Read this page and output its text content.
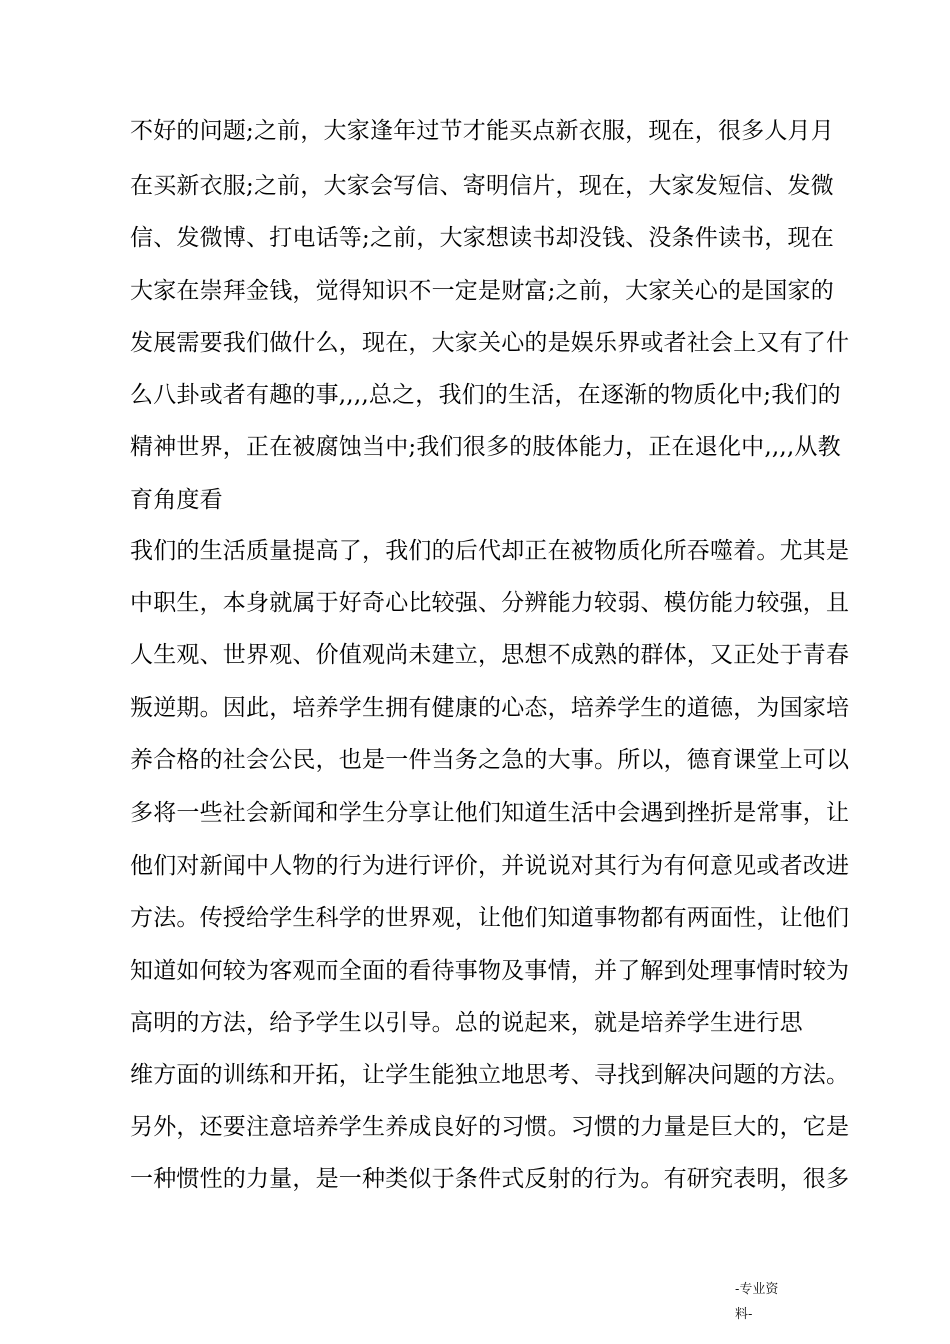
不好的问题;之前，大家逢年过节才能买点新衣服，现在，很多人月月
在买新衣服;之前，大家会写信、寄明信片，现在，大家发短信、发微
信、发微博、打电话等;之前，大家想读书却没钱、没条件读书，现在
大家在崇拜金钱，觉得知识不一定是财富;之前，大家关心的是国家的
发展需要我们做什么，现在，大家关心的是娱乐界或者社会上又有了什
么八卦或者有趣的事,,,,总之，我们的生活，在逐渐的物质化中;我们的
精神世界，正在被腐蚀当中;我们很多的肢体能力，正在退化中,,,,从教
育角度看
我们的生活质量提高了，我们的后代却正在被物质化所吞噬着。尤其是
中职生，本身就属于好奇心比较强、分辨能力较弱、模仿能力较强，且
人生观、世界观、价值观尚未建立，思想不成熟的群体，又正处于青春
叛逆期。因此，培养学生拥有健康的心态，培养学生的道德，为国家培
养合格的社会公民，也是一件当务之急的大事。所以，德育课堂上可以
多将一些社会新闻和学生分享让他们知道生活中会遇到挫折是常事，让
他们对新闻中人物的行为进行评价，并说说对其行为有何意见或者改进
方法。传授给学生科学的世界观，让他们知道事物都有两面性，让他们
知道如何较为客观而全面的看待事物及事情，并了解到处理事情时较为
高明的方法，给予学生以引导。总的说起来，就是培养学生进行思
维方面的训练和开拓，让学生能独立地思考、寻找到解决问题的方法。
另外，还要注意培养学生养成良好的习惯。习惯的力量是巨大的，它是
一种惯性的力量，是一种类似于条件式反射的行为。有研究表明，很多
-专业资
料-
